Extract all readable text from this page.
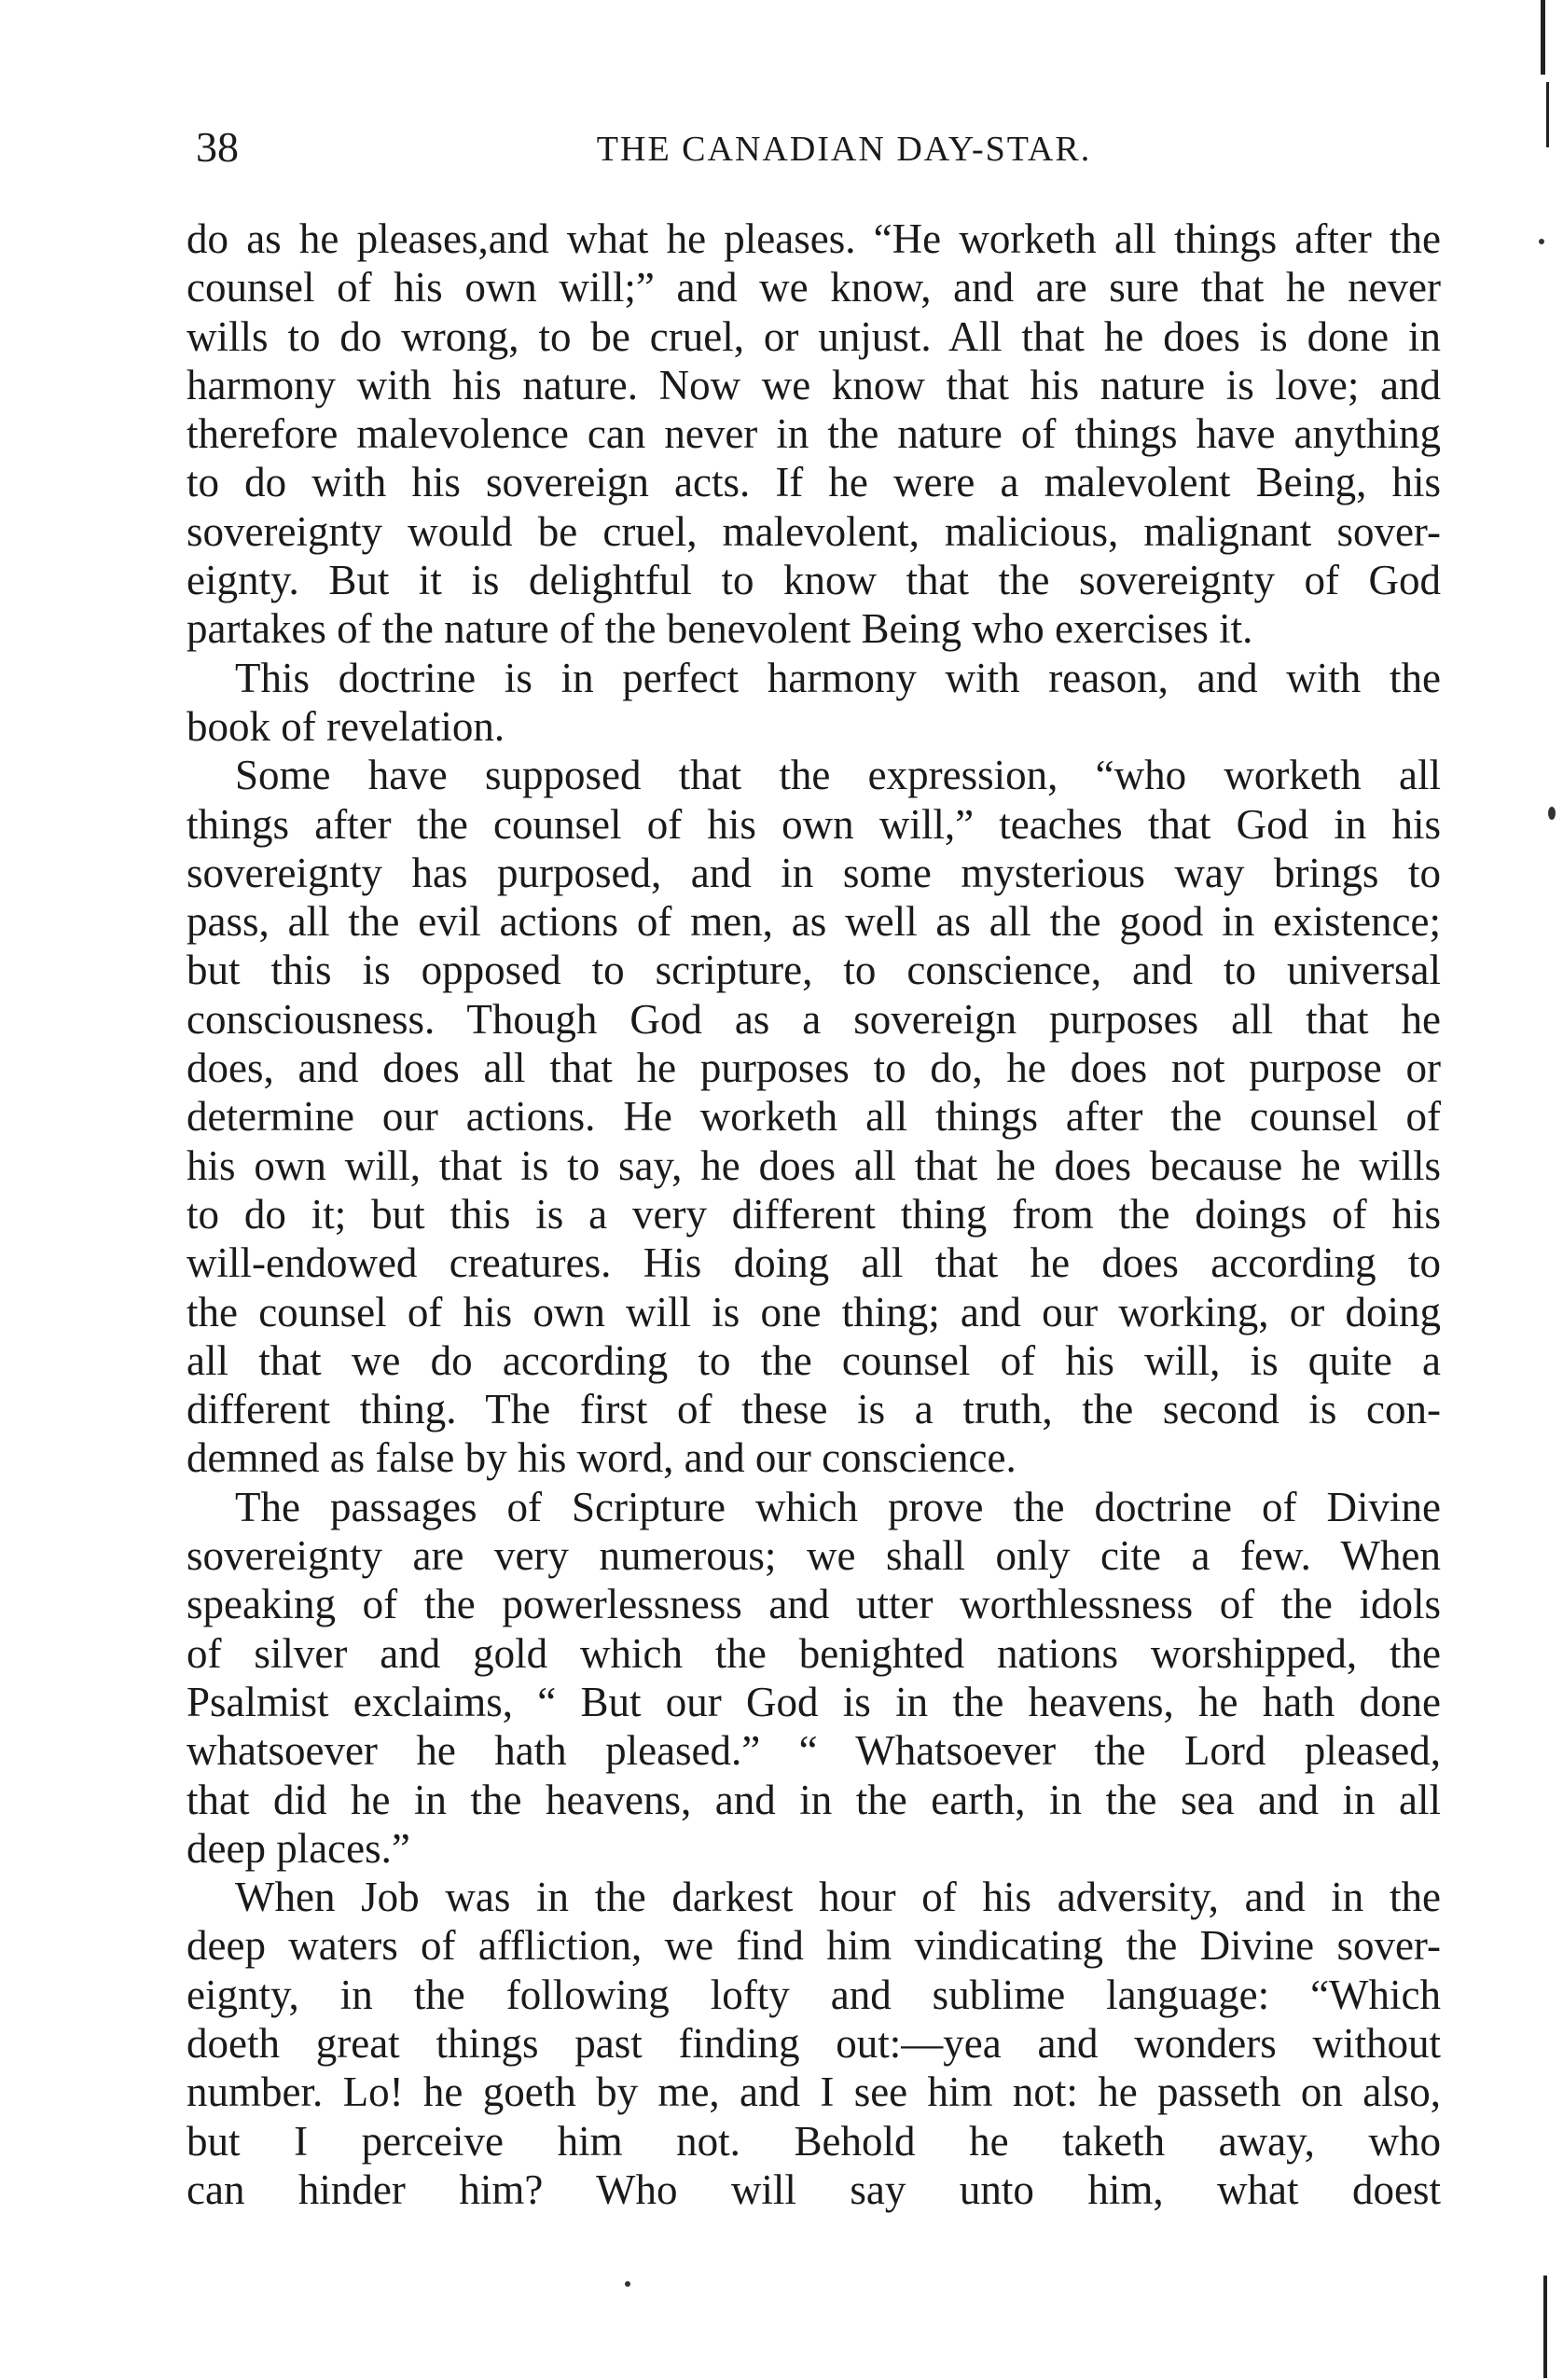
38	THE CANADIAN DAY-STAR.
do as he pleases,and what he pleases. “He worketh all things after the
counsel of his own will;” and we know, and are sure that he never
wills to do wrong, to be cruel, or unjust. All that he does is done in
harmony with his nature. Now we know that his nature is love; and
therefore malevolence can never in the nature of things have anything
to do with his sovereign acts. If he were a malevolent Being, his
sovereignty would be cruel, malevolent, malicious, malignant sover-
eignty. But it is delightful to know that the sovereignty of God
partakes of the nature of the benevolent Being who exercises it.
This doctrine is in perfect harmony with reason, and with the
book of revelation.
Some have supposed that the expression, “who worketh all
things after the counsel of his own will,” teaches that God in his
sovereignty has purposed, and in some mysterious way brings to
pass, all the evil actions of men, as well as all the good in existence;
but this is opposed to scripture, to conscience, and to universal
consciousness. Though God as a sovereign purposes all that he
does, and does all that he purposes to do, he does not purpose or
determine our actions. He worketh all things after the counsel of
his own will, that is to say, he does all that he does because he wills
to do it; but this is a very different thing from the doings of his
will-endowed creatures. His doing all that he does according to
the counsel of his own will is one thing; and our working, or doing
all that we do according to the counsel of his will, is quite a
different thing. The first of these is a truth, the second is con-
demned as false by his word, and our conscience.
The passages of Scripture which prove the doctrine of Divine
sovereignty are very numerous; we shall only cite a few. When
speaking of the powerlessness and utter worthlessness of the idols
of silver and gold which the benighted nations worshipped, the
Psalmist exclaims, “ But our God is in the heavens, he hath done
whatsoever he hath pleased.” “ Whatsoever the Lord pleased,
that did he in the heavens, and in the earth, in the sea and in all
deep places.”
When Job was in the darkest hour of his adversity, and in the
deep waters of affliction, we find him vindicating the Divine sover-
eignty, in the following lofty and sublime language: “Which
doeth great things past finding out:—yea and wonders without
number. Lo! he goeth by me, and I see him not: he passeth on also,
but I perceive him not. Behold he taketh away, who
can hinder him? Who will say unto him, what doest
